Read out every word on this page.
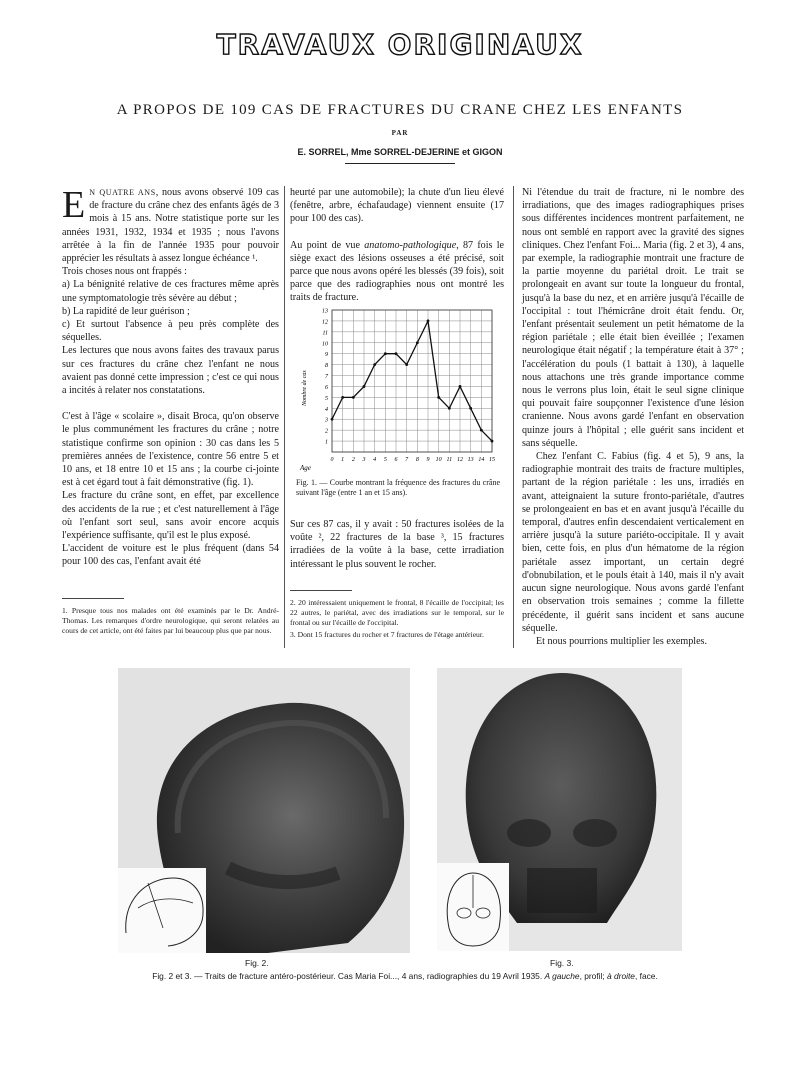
TRAVAUX ORIGINAUX
A PROPOS DE 109 CAS DE FRACTURES DU CRANE CHEZ LES ENFANTS
PAR
E. SORREL, Mme SORREL-DEJERINE et GIGON

E N QUATRE ANS, nous avons observé 109 cas de fracture du crâne chez des enfants âgés de 3 mois à 15 ans. Notre statistique porte sur les années 1931, 1932, 1934 et 1935 ; nous l'avons arrêtée à la fin de l'année 1935 pour pouvoir apprécier les résultats à assez longue échéance ¹.

Trois choses nous ont frappés :

a) La bénignité relative de ces fractures même après une symptomatologie très sévère au début ;

b) La rapidité de leur guérison ;

c) Et surtout l'absence à peu près complète des séquelles.

Les lectures que nous avons faites des travaux parus sur ces fractures du crâne chez l'enfant ne nous avaient pas donné cette impression ; c'est ce qui nous a incités à relater nos constatations.

C'est à l'âge « scolaire », disait Broca, qu'on observe le plus communément les fractures du crâne ; notre statistique confirme son opinion : 30 cas dans les 5 premières années de l'existence, contre 56 entre 5 et 10 ans, et 18 entre 10 et 15 ans ; la courbe ci-jointe est à cet égard tout à fait démonstrative (fig. 1).

Les fracture du crâne sont, en effet, par excellence des accidents de la rue ; et c'est naturellement à l'âge où l'enfant sort seul, sans avoir encore acquis l'expérience suffisante, qu'il est le plus exposé.

L'accident de voiture est le plus fréquent (dans 54 pour 100 des cas, l'enfant avait été

1. Presque tous nos malades ont été examinés par le Dr. André-Thomas. Les remarques d'ordre neurologique, qui seront relatées au cours de cet article, ont été faites par lui beaucoup plus que par nous.

heurté par une automobile); la chute d'un lieu élevé (fenêtre, arbre, échafaudage) viennent ensuite (17 pour 100 des cas).

Au point de vue anatomo-pathologique, 87 fois le siège exact des lésions osseuses a été précisé, soit parce que nous avons opéré les blessés (39 fois), soit parce que des radiographies nous ont montré les traits de fracture.

1
2
3
4
5
6
7
8
9
10
11
12
13
0 1 2 3 4 5 6 7 8 9 10 11 12 13 14 15
Age
Nombre de cas
Fig. 1. — Courbe montrant la fréquence des fractures du crâne suivant l'âge (entre 1 an et 15 ans).

Sur ces 87 cas, il y avait : 50 fractures isolées de la voûte ², 22 fractures de la base ³, 15 fractures irradiées de la voûte à la base, cette irradiation intéressant le plus souvent le rocher.

2. 20 intéressaient uniquement le frontal, 8 l'écaille de l'occipital; les 22 autres, le pariétal, avec des irradiations sur le temporal, sur le frontal ou sur l'écaille de l'occipital.

3. Dont 15 fractures du rocher et 7 fractures de l'étage antérieur.

Ni l'étendue du trait de fracture, ni le nombre des irradiations, que des images radiographiques prises sous différentes incidences montrent parfaitement, ne nous ont semblé en rapport avec la gravité des signes cliniques. Chez l'enfant Foi... Maria (fig. 2 et 3), 4 ans, par exemple, la radiographie montrait une fracture de la partie moyenne du pariétal droit. Le trait se prolongeait en avant sur toute la longueur du frontal, jusqu'à la base du nez, et en arrière jusqu'à l'écaille de l'occipital : tout l'hémicrâne droit était fendu. Or, l'enfant présentait seulement un petit hématome de la région pariétale ; elle était bien éveillée ; l'examen neurologique était négatif ; la température était à 37° ; l'accélération du pouls (1 battait à 130), à laquelle nous attachons une très grande importance comme nous le verrons plus loin, était le seul signe clinique qui pouvait faire soupçonner l'existence d'une lésion cranienne. Nous avons gardé l'enfant en observation quinze jours à l'hôpital ; elle guérit sans incident et sans séquelle.

Chez l'enfant C. Fabius (fig. 4 et 5), 9 ans, la radiographie montrait des traits de fracture multiples, partant de la région pariétale : les uns, irradiés en avant, atteignaient la suture fronto-pariétale, d'autres se prolongeaient en bas et en avant jusqu'à l'écaille du temporal, d'autres enfin descendaient verticalement en arrière jusqu'à la suture pariéto-occipitale. Il y avait bien, cette fois, en plus d'un hématome de la région pariétale assez important, un certain degré d'obnubilation, et le pouls était à 140, mais il n'y avait aucun signe neurologique. Nous avons gardé l'enfant en observation trois semaines ; comme la fillette précédente, il guérit sans incident et sans aucune séquelle.

Et nous pourrions multiplier les exemples.

Fig. 2.	Fig. 3.
Fig. 2 et 3. — Traits de fracture antéro-postérieur. Cas Maria Foi..., 4 ans, radiographies du 19 Avril 1935. A gauche, profil; à droite, face.
